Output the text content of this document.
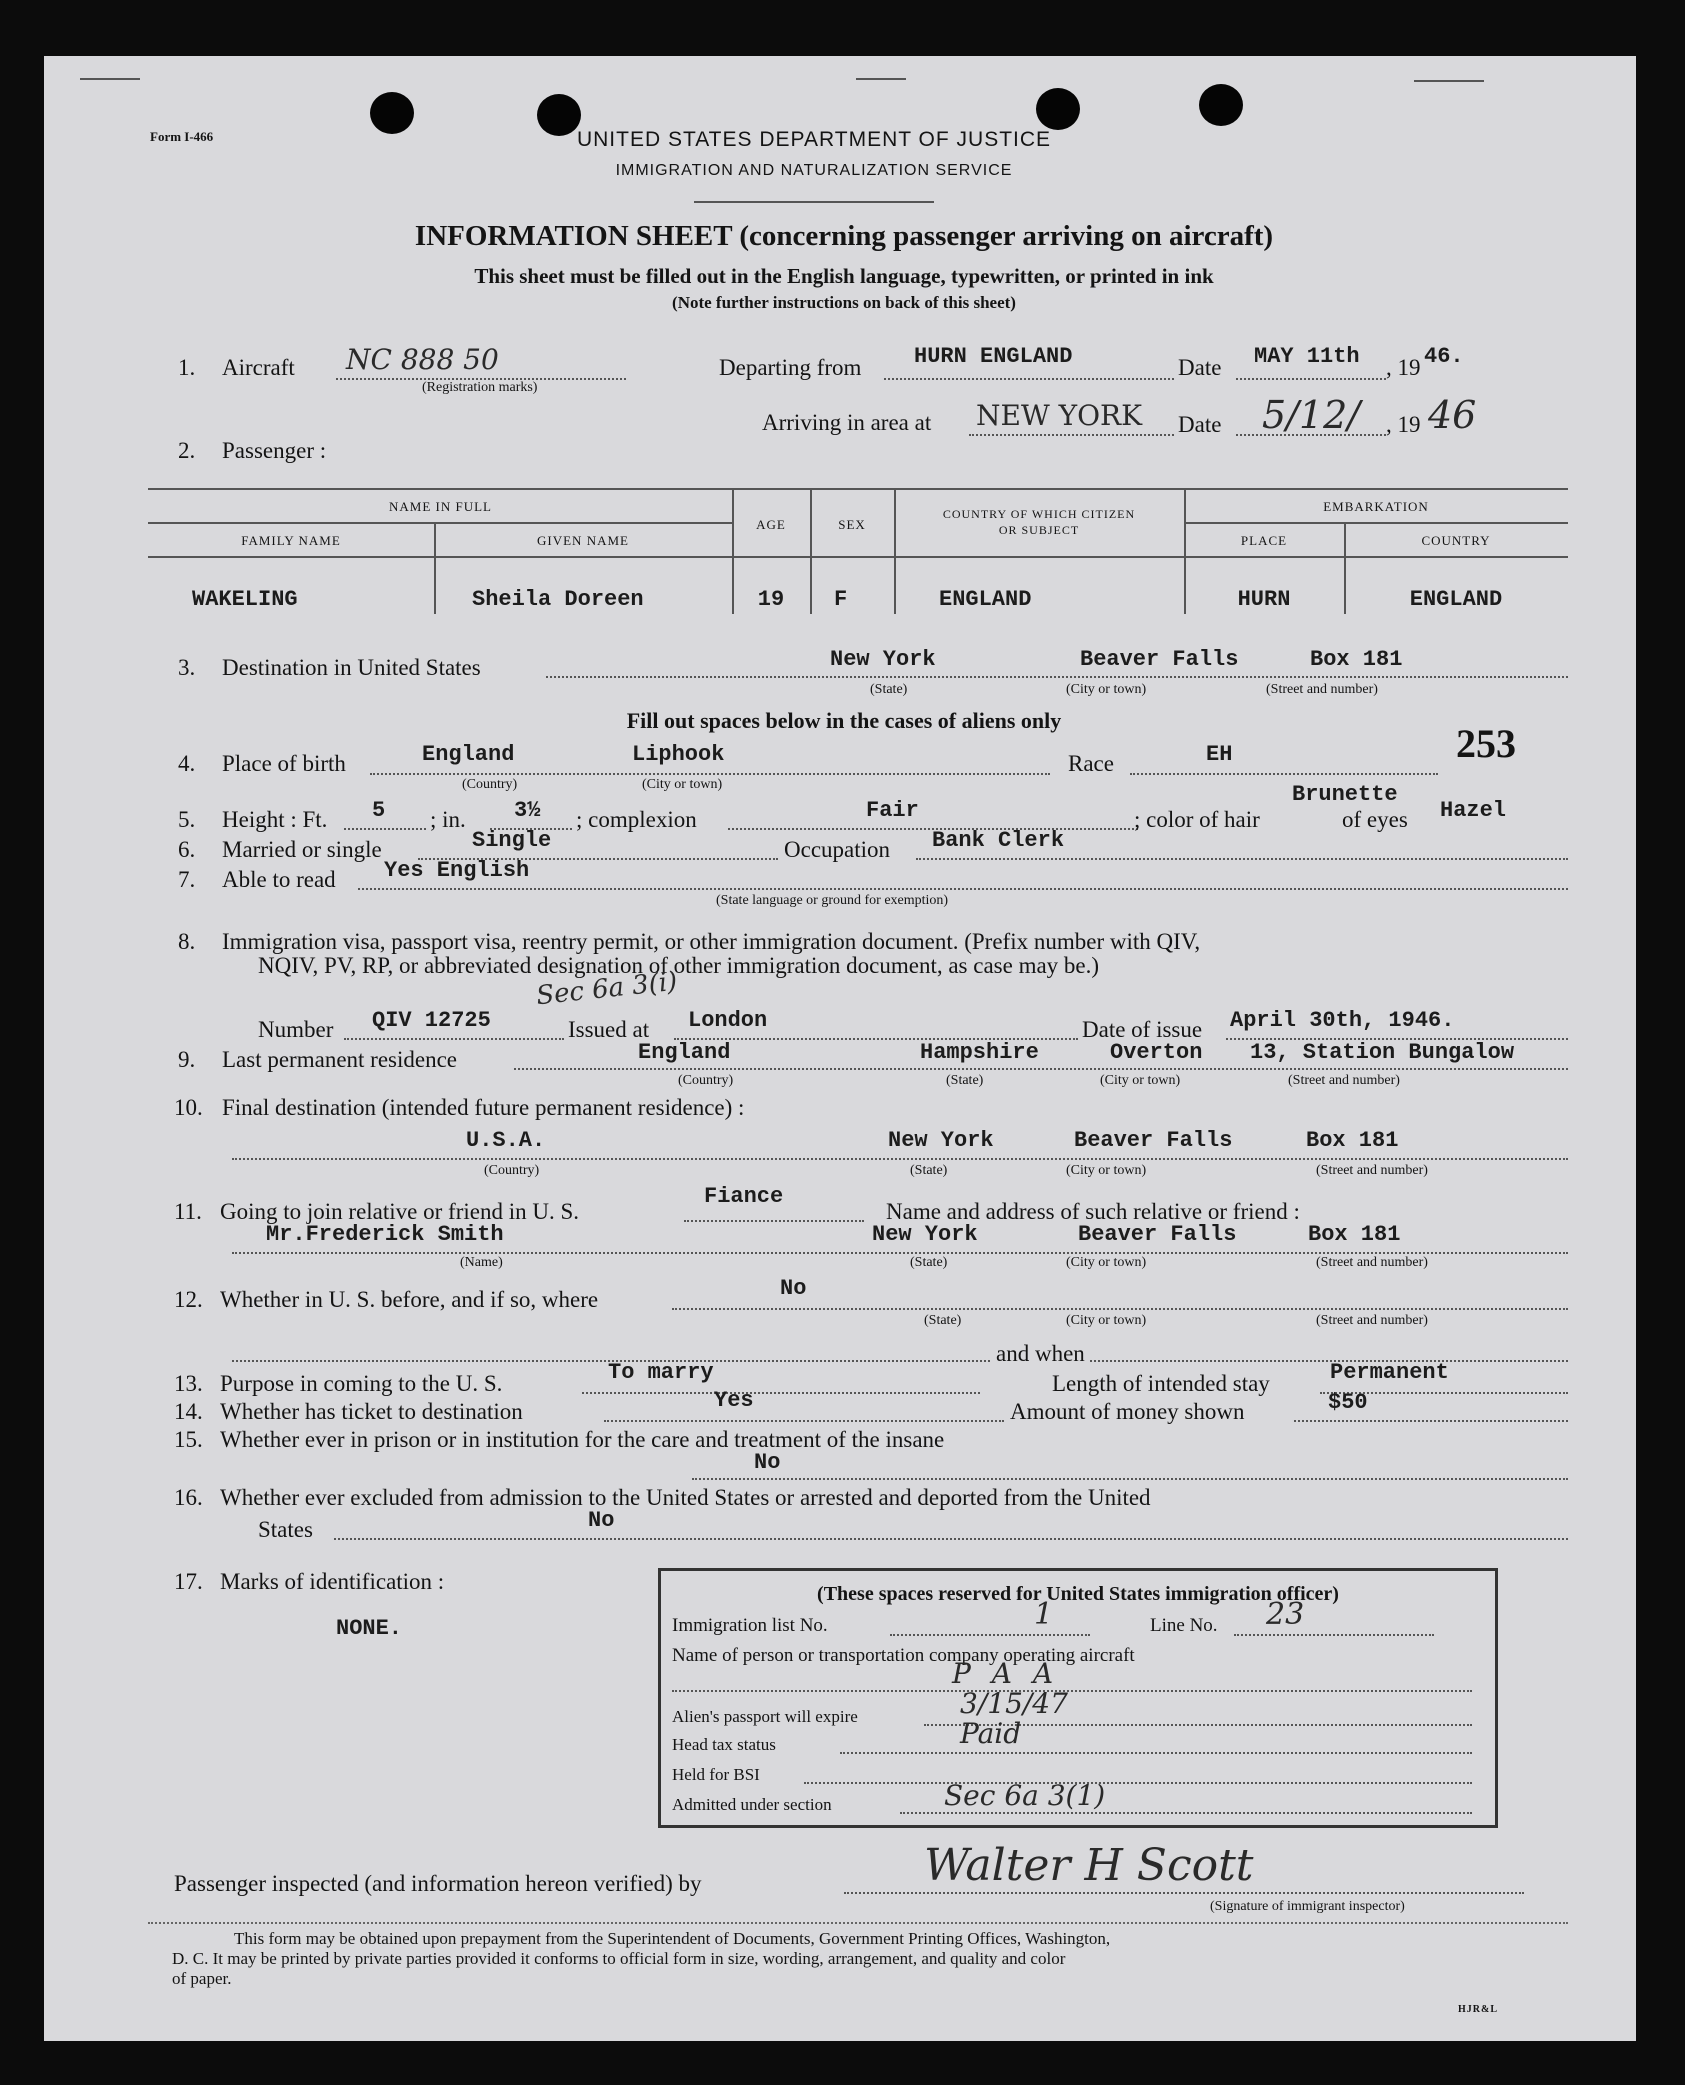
Form I-466	UNITED STATES DEPARTMENT OF JUSTICE
IMMIGRATION AND NATURALIZATION SERVICE
INFORMATION SHEET (concerning passenger arriving on aircraft)
This sheet must be filled out in the English language, typewritten, or printed in ink
(Note further instructions on back of this sheet)
1. Aircraft NC 888 50
(Registration marks)
Departing from HURN ENGLAND	Date MAY 11th , 19 46.
Arriving in area at NEW YORK Date 5/12/ , 19 46
2. Passenger :
NAME IN FULL
FAMILY NAME	GIVEN NAME
AGE	SEX
COUNTRY OF WHICH CITIZEN
OR SUBJECT
EMBARKATION
PLACE	COUNTRY
WAKELING	Sheila Doreen	19	F	ENGLAND	HURN	ENGLAND
3. Destination in United States	New York	Beaver Falls	Box 181
(State)	(City or town)	(Street and number)
Fill out spaces below in the cases of aliens only
253
4. Place of birth	England	Liphook
(Country)	(City or town)
Race	EH
5. Height : Ft. 5 ; in. 3½ ; complexion	Fair	; color of hair
Brunette
of eyes Hazel
6. Married or single	Single	Occupation Bank Clerk
7. Able to read Yes English
(State language or ground for exemption)
8. Immigration visa, passport visa, reentry permit, or other immigration document. (Prefix number with QIV,
NQIV, PV, RP, or abbreviated designation of other immigration document, as case may be.)
Sec 6a 3(i)
Number QIV 12725	Issued at London	Date of issue April 30th, 1946.
9. Last permanent residence	England	Hampshire	Overton 13, Station Bungalow
(Country)	(State)	(City or town)	(Street and number)
10. Final destination (intended future permanent residence) :
U.S.A.	New York	Beaver Falls	Box 181
(Country)	(State)	(City or town)	(Street and number)
11. Going to join relative or friend in U. S.
Fiance
Name and address of such relative or friend :
Mr.Frederick Smith	New York	Beaver Falls	Box 181
(Name)	(State)	(City or town)	(Street and number)
12. Whether in U. S. before, and if so, where	No
(State)	(City or town)	(Street and number)
and when
13. Purpose in coming to the U. S.	To marry	Length of intended stay	Permanent
14. Whether has ticket to destination	Yes	Amount of money shown	$50
15. Whether ever in prison or in institution for the care and treatment of the insane
No
16. Whether ever excluded from admission to the United States or arrested and deported from the United
States	No
17. Marks of identification :
NONE.
(These spaces reserved for United States immigration officer)
Immigration list No.	1	Line No. 23
Name of person or transportation company operating aircraft
P A A
Alien's passport will expire	3/15/47
Head tax status	Paid
Held for BSI
Admitted under section	Sec 6a 3(1)
Passenger inspected (and information hereon verified) by	Walter H Scott
(Signature of immigrant inspector)
This form may be obtained upon prepayment from the Superintendent of Documents, Government Printing Offices, Washington,
D. C. It may be printed by private parties provided it conforms to official form in size, wording, arrangement, and quality and color
of paper.
HJR&L
